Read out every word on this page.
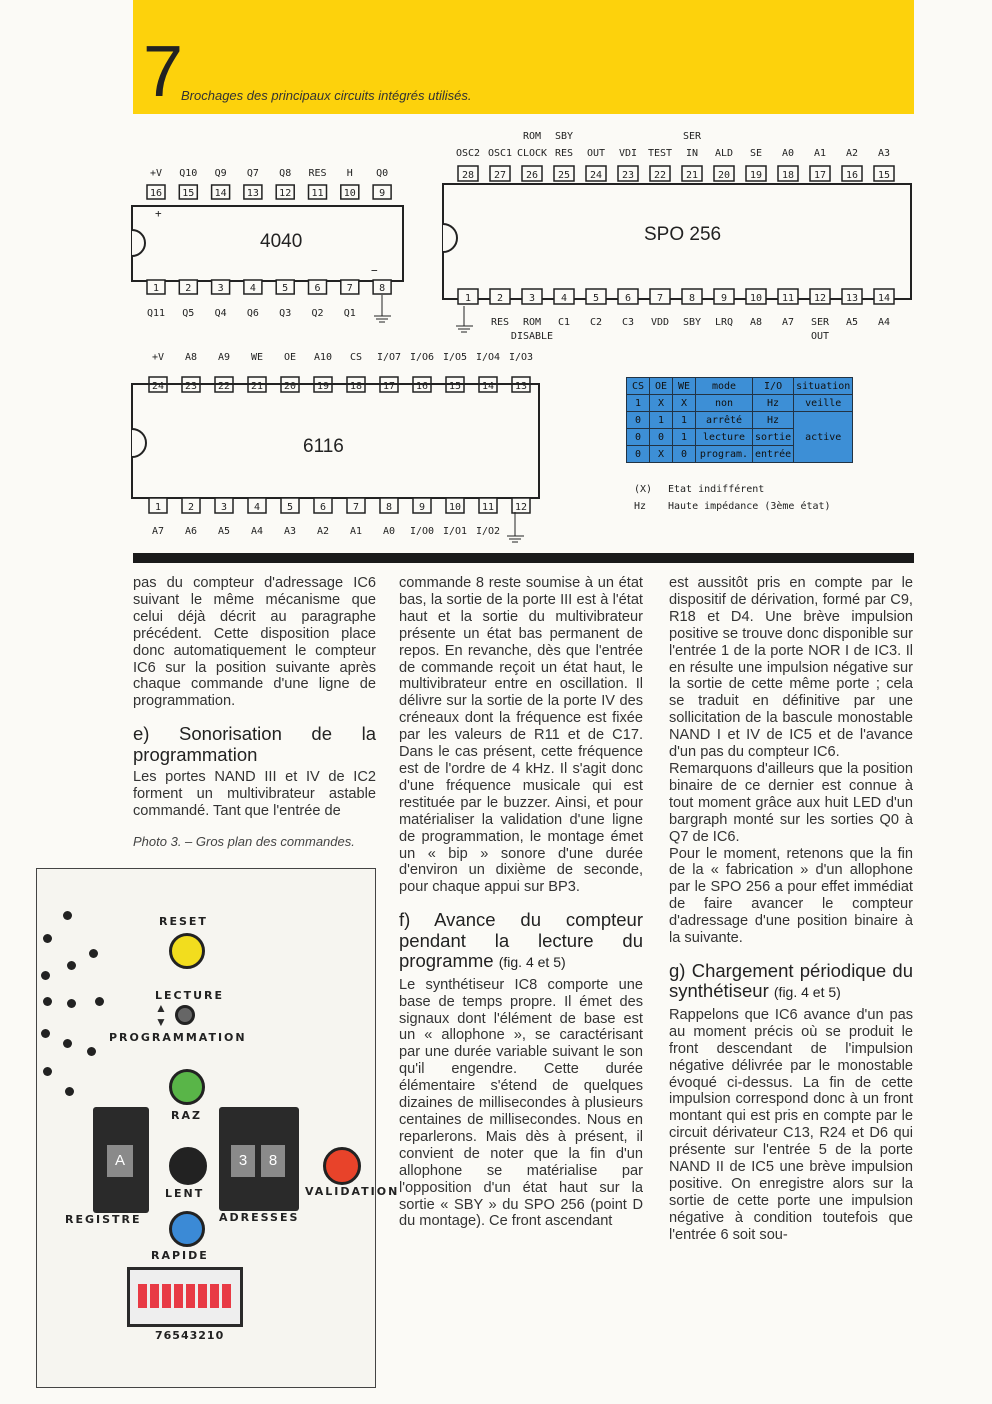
7
Brochages des principaux circuits intégrés utilisés.
+V Q10 Q9 Q7 Q8 RES H Q0
16 15 14 13 12 11 10 9
+
−
4040
1	2	3	4	5	6	7	8
Q11 Q5 Q4 Q6 Q3 Q2 Q1
ROM SBY	SER
OSC2 OSC1 CLOCK RES OUT VDI TEST IN ALD SE A0 A1 A2 A3
28 27 26 25 24 23 22 21 20 19 18 17 16 15
SPO 256
1	2	3	4	5	6	7	8	9 10 11 12 13 14
RES ROM C1 C2 C3 VDD SBY LRQ A8 A7 SER A5 A4
DISABLE	OUT
+V A8 A9 WE OE A10 CS I/O7 I/O6 I/O5 I/O4 I/O3
24 23 22 21 20 19 18 17 16 15 14 13
6116
1	2	3	4	5	6	7	8	9 10 11 12
A7 A6 A5 A4 A3 A2 A1 A0 I/O0 I/O1 I/O2
CS	OE	WE	mode	I/O	situation
1	X	X	non	Hz	veille
0	1	1	arrêté	Hz	active
0	0	1	lecture	sortie	
0	X	0	program.	entrée	
(X) Etat indifférent
Hz Haute impédance (3ème état)

pas du compteur d'adressage IC6 suivant le même mécanisme que celui déjà décrit au paragraphe précédent. Cette disposition place donc automatiquement le compteur IC6 sur la position suivante après chaque commande d'une ligne de programmation.

e) Sonorisation de la programmation

Les portes NAND III et IV de IC2 forment un multivibrateur astable commandé. Tant que l'entrée de

Photo 3. – Gros plan des commandes.
RESET
LECTURE
▲
▼
PROGRAMMATION
RAZ
A
REGISTRE
LENT
3	8
ADRESSES
VALIDATION
RAPIDE
76543210

commande 8 reste soumise à un état bas, la sortie de la porte III est à l'état haut et la sortie du multivibrateur présente un état bas permanent de repos. En revanche, dès que l'entrée de commande reçoit un état haut, le multivibrateur entre en oscillation. Il délivre sur la sortie de la porte IV des créneaux dont la fréquence est fixée par les valeurs de R11 et de C17. Dans le cas présent, cette fréquence est de l'ordre de 4 kHz. Il s'agit donc d'une fréquence musicale qui est restituée par le buzzer. Ainsi, et pour matérialiser la validation d'une ligne de programmation, le montage émet un « bip » sonore d'une durée d'environ un dixième de seconde, pour chaque appui sur BP3.

f) Avance du compteur pendant la lecture du programme (fig. 4 et 5)

Le synthétiseur IC8 comporte une base de temps propre. Il émet des signaux dont l'élément de base est un « allophone », se caractérisant par une durée variable suivant le son qu'il engendre. Cette durée élémentaire s'étend de quelques dizaines de millisecondes à plusieurs centaines de millisecondes. Nous en reparlerons. Mais dès à présent, il convient de noter que la fin d'un allophone se matérialise par l'opposition d'un état haut sur la sortie « SBY » du SPO 256 (point D du montage). Ce front ascendant

est aussitôt pris en compte par le dispositif de dérivation, formé par C9, R18 et D4. Une brève impulsion positive se trouve donc disponible sur l'entrée 1 de la porte NOR I de IC3. Il en résulte une impulsion négative sur la sortie de cette même porte ; cela se traduit en définitive par une sollicitation de la bascule monostable NAND I et IV de IC5 et de l'avance d'un pas du compteur IC6.

Remarquons d'ailleurs que la position binaire de ce dernier est connue à tout moment grâce aux huit LED d'un bargraph monté sur les sorties Q0 à Q7 de IC6.

Pour le moment, retenons que la fin de la « fabrication » d'un allophone par le SPO 256 a pour effet immédiat de faire avancer le compteur d'adressage d'une position binaire à la suivante.

g) Chargement périodique du synthétiseur (fig. 4 et 5)

Rappelons que IC6 avance d'un pas au moment précis où se produit le front descendant de l'impulsion négative délivrée par le monostable évoqué ci-dessus. La fin de cette impulsion correspond donc à un front montant qui est pris en compte par le circuit dérivateur C13, R24 et D6 qui présente sur l'entrée 5 de la porte NAND II de IC5 une brève impulsion positive. On enregistre alors sur la sortie de cette porte une impulsion négative à condition toutefois que l'entrée 6 soit sou-
